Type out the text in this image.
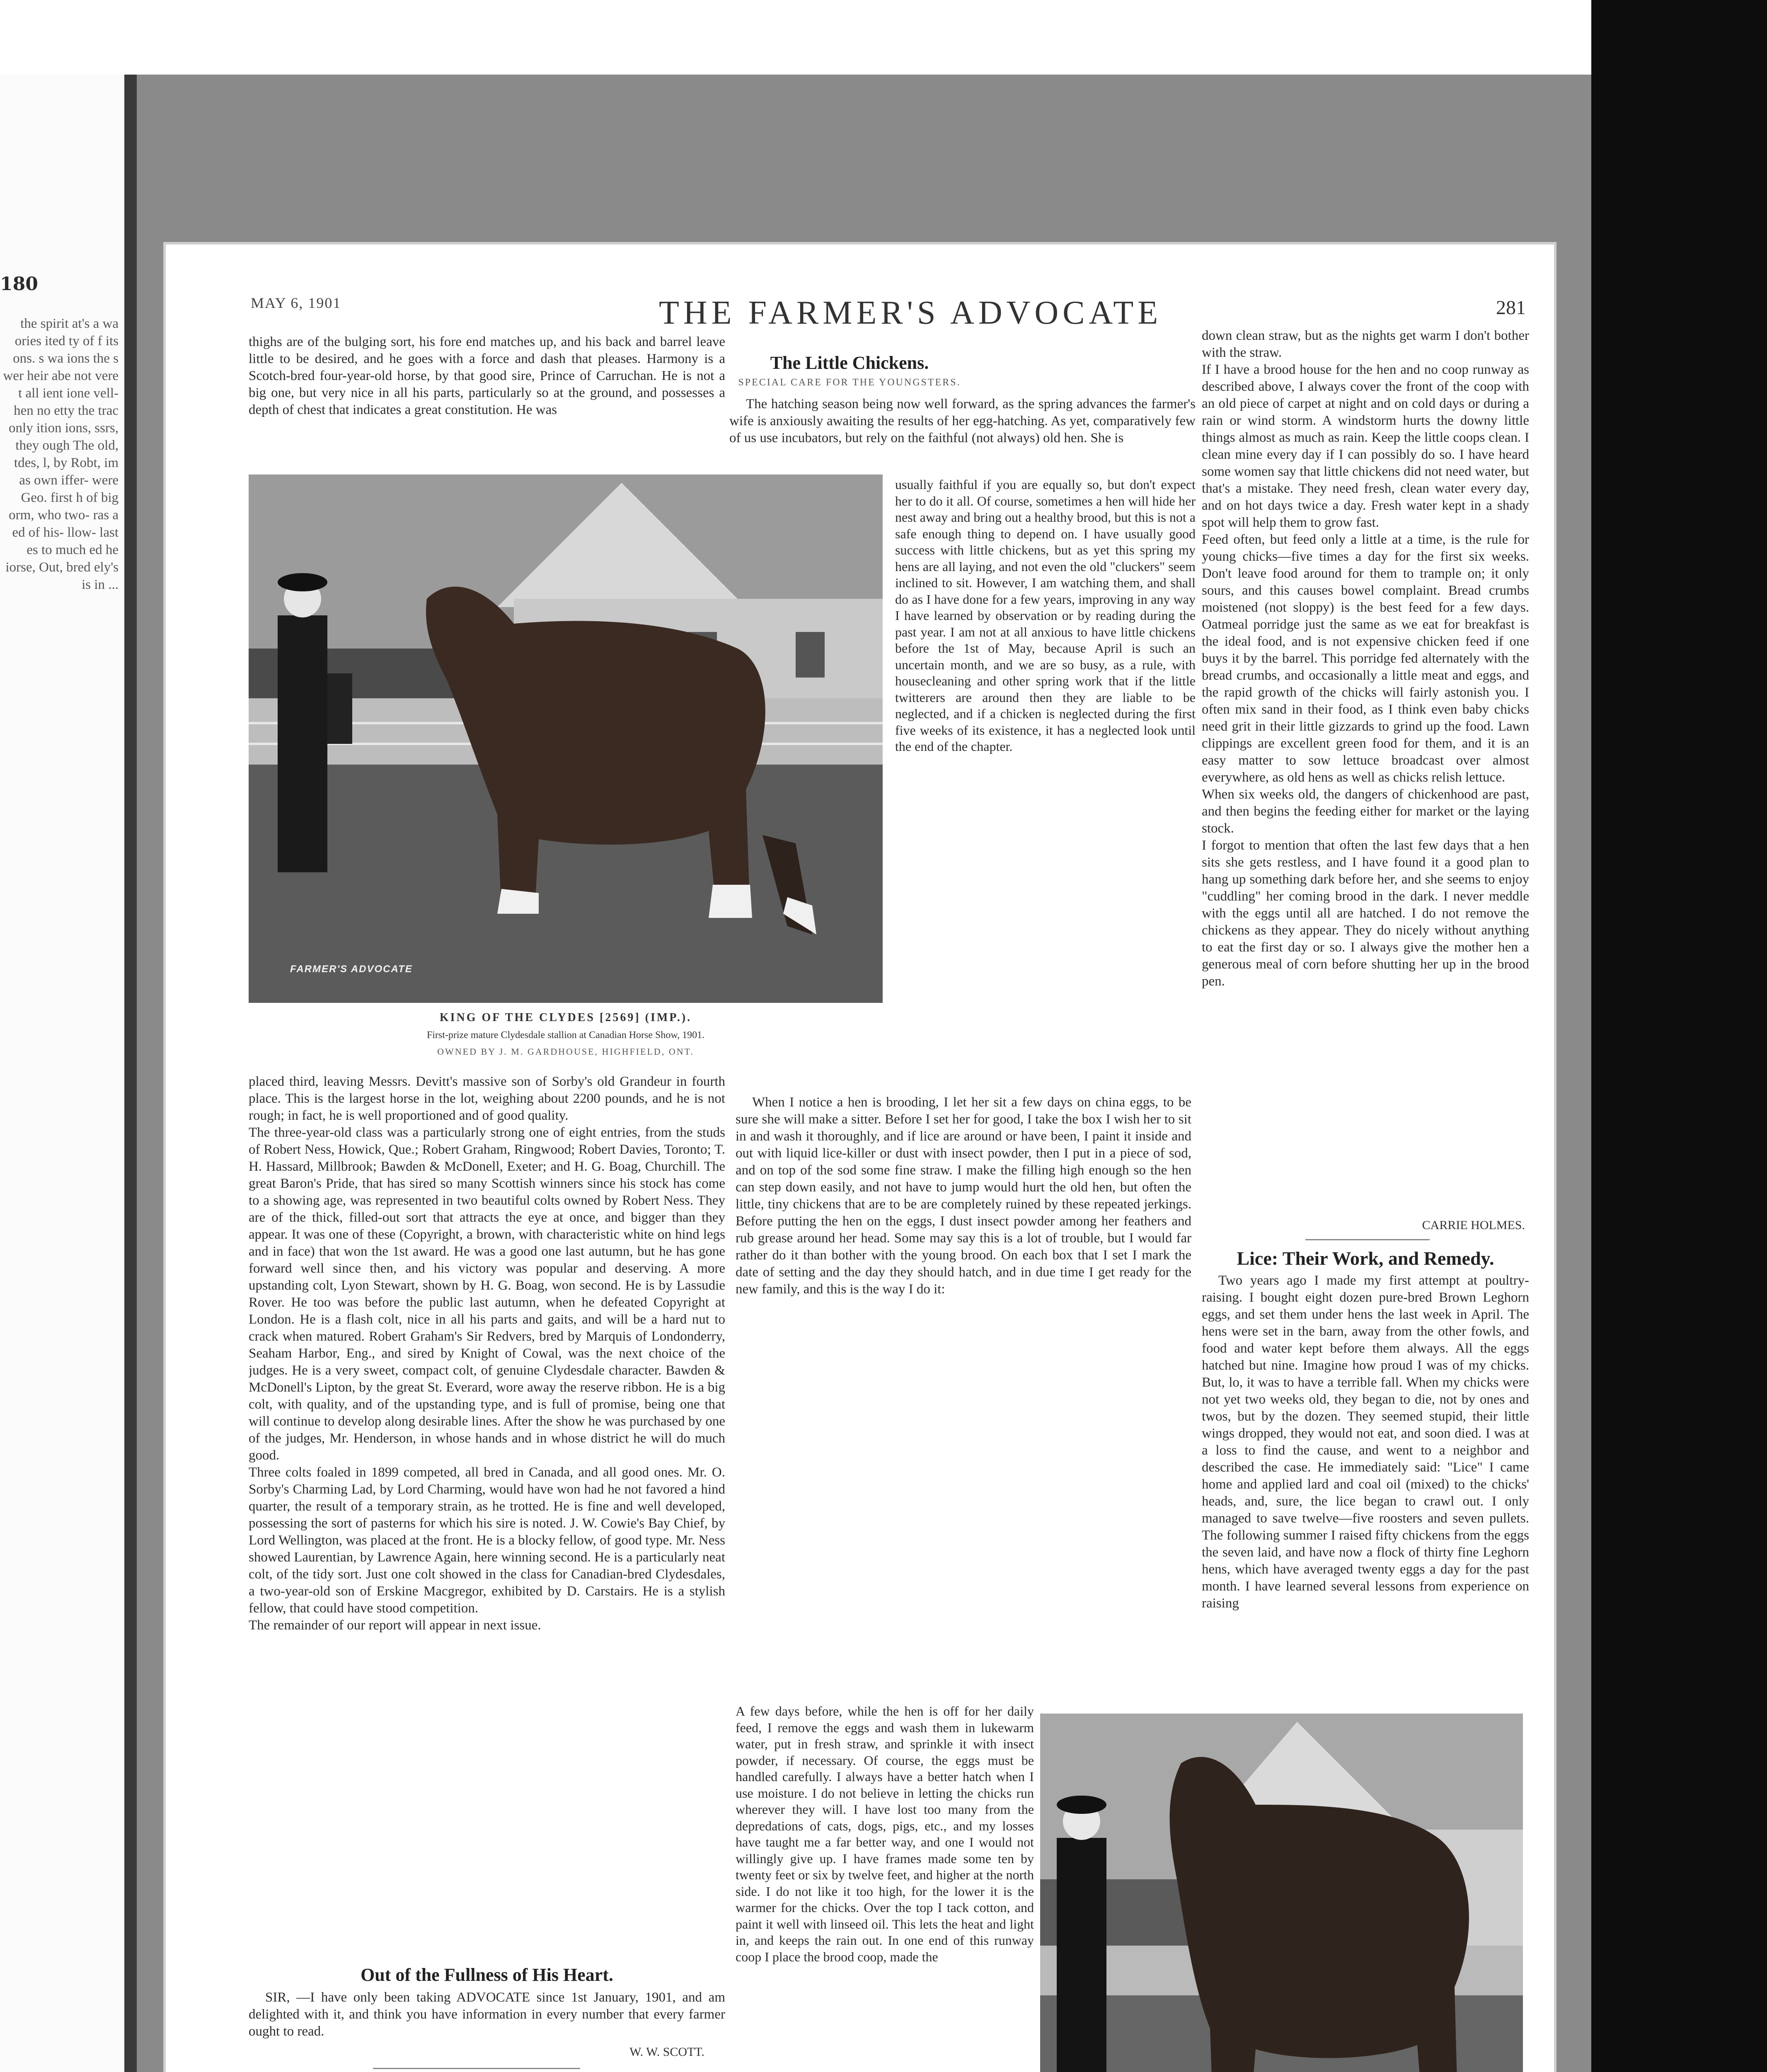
180
the spirit at's a wa ories ited ty of f its ons. s wa ions the s wer heir abe not vere t all ient ione vell- hen no etty the trac only ition ions, ssrs, they ough The old, tdes, l, by Robt, im as own iffer- were Geo. first h of big orm, who two- ras a ed of his- llow- last es to much ed he iorse, Out, bred ely's is in ...
MAY 6, 1901	THE FARMER'S ADVOCATE	281

thighs are of the bulging sort, his fore end matches up, and his back and barrel leave little to be desired, and he goes with a force and dash that pleases. Harmony is a Scotch-bred four-year-old horse, by that good sire, Prince of Carruchan. He is not a big one, but very nice in all his parts, particularly so at the ground, and possesses a depth of chest that indicates a great constitution. He was

FARMER'S ADVOCATE
KING OF THE CLYDES [2569] (IMP.).
First-prize mature Clydesdale stallion at Canadian Horse Show, 1901.
OWNED BY J. M. GARDHOUSE, HIGHFIELD, ONT.
The Little Chickens.
SPECIAL CARE FOR THE YOUNGSTERS.

The hatching season being now well forward, as the spring advances the farmer's wife is anxiously awaiting the results of her egg-hatching. As yet, comparatively few of us use incubators, but rely on the faithful (not always) old hen. She is

usually faithful if you are equally so, but don't expect her to do it all. Of course, sometimes a hen will hide her nest away and bring out a healthy brood, but this is not a safe enough thing to depend on. I have usually good success with little chickens, but as yet this spring my hens are all laying, and not even the old "cluckers" seem inclined to sit. However, I am watching them, and shall do as I have done for a few years, improving in any way I have learned by observation or by reading during the past year. I am not at all anxious to have little chickens before the 1st of May, because April is such an uncertain month, and we are so busy, as a rule, with housecleaning and other spring work that if the little twitterers are around then they are liable to be neglected, and if a chicken is neglected during the first five weeks of its existence, it has a neglected look until the end of the chapter.

down clean straw, but as the nights get warm I don't bother with the straw.
If I have a brood house for the hen and no coop runway as described above, I always cover the front of the coop with an old piece of carpet at night and on cold days or during a rain or wind storm. A windstorm hurts the downy little things almost as much as rain. Keep the little coops clean. I clean mine every day if I can possibly do so. I have heard some women say that little chickens did not need water, but that's a mistake. They need fresh, clean water every day, and on hot days twice a day. Fresh water kept in a shady spot will help them to grow fast.
Feed often, but feed only a little at a time, is the rule for young chicks—five times a day for the first six weeks. Don't leave food around for them to trample on; it only sours, and this causes bowel complaint. Bread crumbs moistened (not sloppy) is the best feed for a few days. Oatmeal porridge just the same as we eat for breakfast is the ideal food, and is not expensive chicken feed if one buys it by the barrel. This porridge fed alternately with the bread crumbs, and occasionally a little meat and eggs, and the rapid growth of the chicks will fairly astonish you. I often mix sand in their food, as I think even baby chicks need grit in their little gizzards to grind up the food. Lawn clippings are excellent green food for them, and it is an easy matter to sow lettuce broadcast over almost everywhere, as old hens as well as chicks relish lettuce.
When six weeks old, the dangers of chickenhood are past, and then begins the feeding either for market or the laying stock.
I forgot to mention that often the last few days that a hen sits she gets restless, and I have found it a good plan to hang up something dark before her, and she seems to enjoy "cuddling" her coming brood in the dark. I never meddle with the eggs until all are hatched. I do not remove the chickens as they appear. They do nicely without anything to eat the first day or so. I always give the mother hen a generous meal of corn before shutting her up in the brood pen.

CARRIE HOLMES.
Lice: Their Work, and Remedy.

Two years ago I made my first attempt at poultry-raising. I bought eight dozen pure-bred Brown Leghorn eggs, and set them under hens the last week in April. The hens were set in the barn, away from the other fowls, and food and water kept before them always. All the eggs hatched but nine. Imagine how proud I was of my chicks. But, lo, it was to have a terrible fall. When my chicks were not yet two weeks old, they began to die, not by ones and twos, but by the dozen. They seemed stupid, their little wings dropped, they would not eat, and soon died. I was at a loss to find the cause, and went to a neighbor and described the case. He immediately said: "Lice" I came home and applied lard and coal oil (mixed) to the chicks' heads, and, sure, the lice began to crawl out. I only managed to save twelve—five roosters and seven pullets. The following summer I raised fifty chickens from the eggs the seven laid, and have now a flock of thirty fine Leghorn hens, which have averaged twenty eggs a day for the past month. I have learned several lessons from experience on raising

placed third, leaving Messrs. Devitt's massive son of Sorby's old Grandeur in fourth place. This is the largest horse in the lot, weighing about 2200 pounds, and he is not rough; in fact, he is well proportioned and of good quality.
The three-year-old class was a particularly strong one of eight entries, from the studs of Robert Ness, Howick, Que.; Robert Graham, Ringwood; Robert Davies, Toronto; T. H. Hassard, Millbrook; Bawden & McDonell, Exeter; and H. G. Boag, Churchill. The great Baron's Pride, that has sired so many Scottish winners since his stock has come to a showing age, was represented in two beautiful colts owned by Robert Ness. They are of the thick, filled-out sort that attracts the eye at once, and bigger than they appear. It was one of these (Copyright, a brown, with characteristic white on hind legs and in face) that won the 1st award. He was a good one last autumn, but he has gone forward well since then, and his victory was popular and deserving. A more upstanding colt, Lyon Stewart, shown by H. G. Boag, won second. He is by Lassudie Rover. He too was before the public last autumn, when he defeated Copyright at London. He is a flash colt, nice in all his parts and gaits, and will be a hard nut to crack when matured. Robert Graham's Sir Redvers, bred by Marquis of Londonderry, Seaham Harbor, Eng., and sired by Knight of Cowal, was the next choice of the judges. He is a very sweet, compact colt, of genuine Clydesdale character. Bawden & McDonell's Lipton, by the great St. Everard, wore away the reserve ribbon. He is a big colt, with quality, and of the upstanding type, and is full of promise, being one that will continue to develop along desirable lines. After the show he was purchased by one of the judges, Mr. Henderson, in whose hands and in whose district he will do much good.
Three colts foaled in 1899 competed, all bred in Canada, and all good ones. Mr. O. Sorby's Charming Lad, by Lord Charming, would have won had he not favored a hind quarter, the result of a temporary strain, as he trotted. He is fine and well developed, possessing the sort of pasterns for which his sire is noted. J. W. Cowie's Bay Chief, by Lord Wellington, was placed at the front. He is a blocky fellow, of good type. Mr. Ness showed Laurentian, by Lawrence Again, here winning second. He is a particularly neat colt, of the tidy sort. Just one colt showed in the class for Canadian-bred Clydesdales, a two-year-old son of Erskine Macgregor, exhibited by D. Carstairs. He is a stylish fellow, that could have stood competition.
The remainder of our report will appear in next issue.

Out of the Fullness of His Heart.

SIR, —I have only been taking ADVOCATE since 1st January, 1901, and am delighted with it, and think you have information in every number that every farmer ought to read.

W. W. SCOTT.

When I notice a hen is brooding, I let her sit a few days on china eggs, to be sure she will make a sitter. Before I set her for good, I take the box I wish her to sit in and wash it thoroughly, and if lice are around or have been, I paint it inside and out with liquid lice-killer or dust with insect powder, then I put in a piece of sod, and on top of the sod some fine straw. I make the filling high enough so the hen can step down easily, and not have to jump would hurt the old hen, but often the little, tiny chickens that are to be are completely ruined by these repeated jerkings. Before putting the hen on the eggs, I dust insect powder among her feathers and rub grease around her head. Some may say this is a lot of trouble, but I would far rather do it than bother with the young brood. On each box that I set I mark the date of setting and the day they should hatch, and in due time I get ready for the new family, and this is the way I do it:

A few days before, while the hen is off for her daily feed, I remove the eggs and wash them in lukewarm water, put in fresh straw, and sprinkle it with insect powder, if necessary. Of course, the eggs must be handled carefully. I always have a better hatch when I use moisture. I do not believe in letting the chicks run wherever they will. I have lost too many from the depredations of cats, dogs, pigs, etc., and my losses have taught me a far better way, and one I would not willingly give up. I have frames made some ten by twenty feet or six by twelve feet, and higher at the north side. I do not like it too high, for the lower it is the warmer for the chicks. Over the top I tack cotton, and paint it well with linseed oil. This lets the heat and light in, and keeps the rain out. In one end of this runway coop I place the brood coop, made the
